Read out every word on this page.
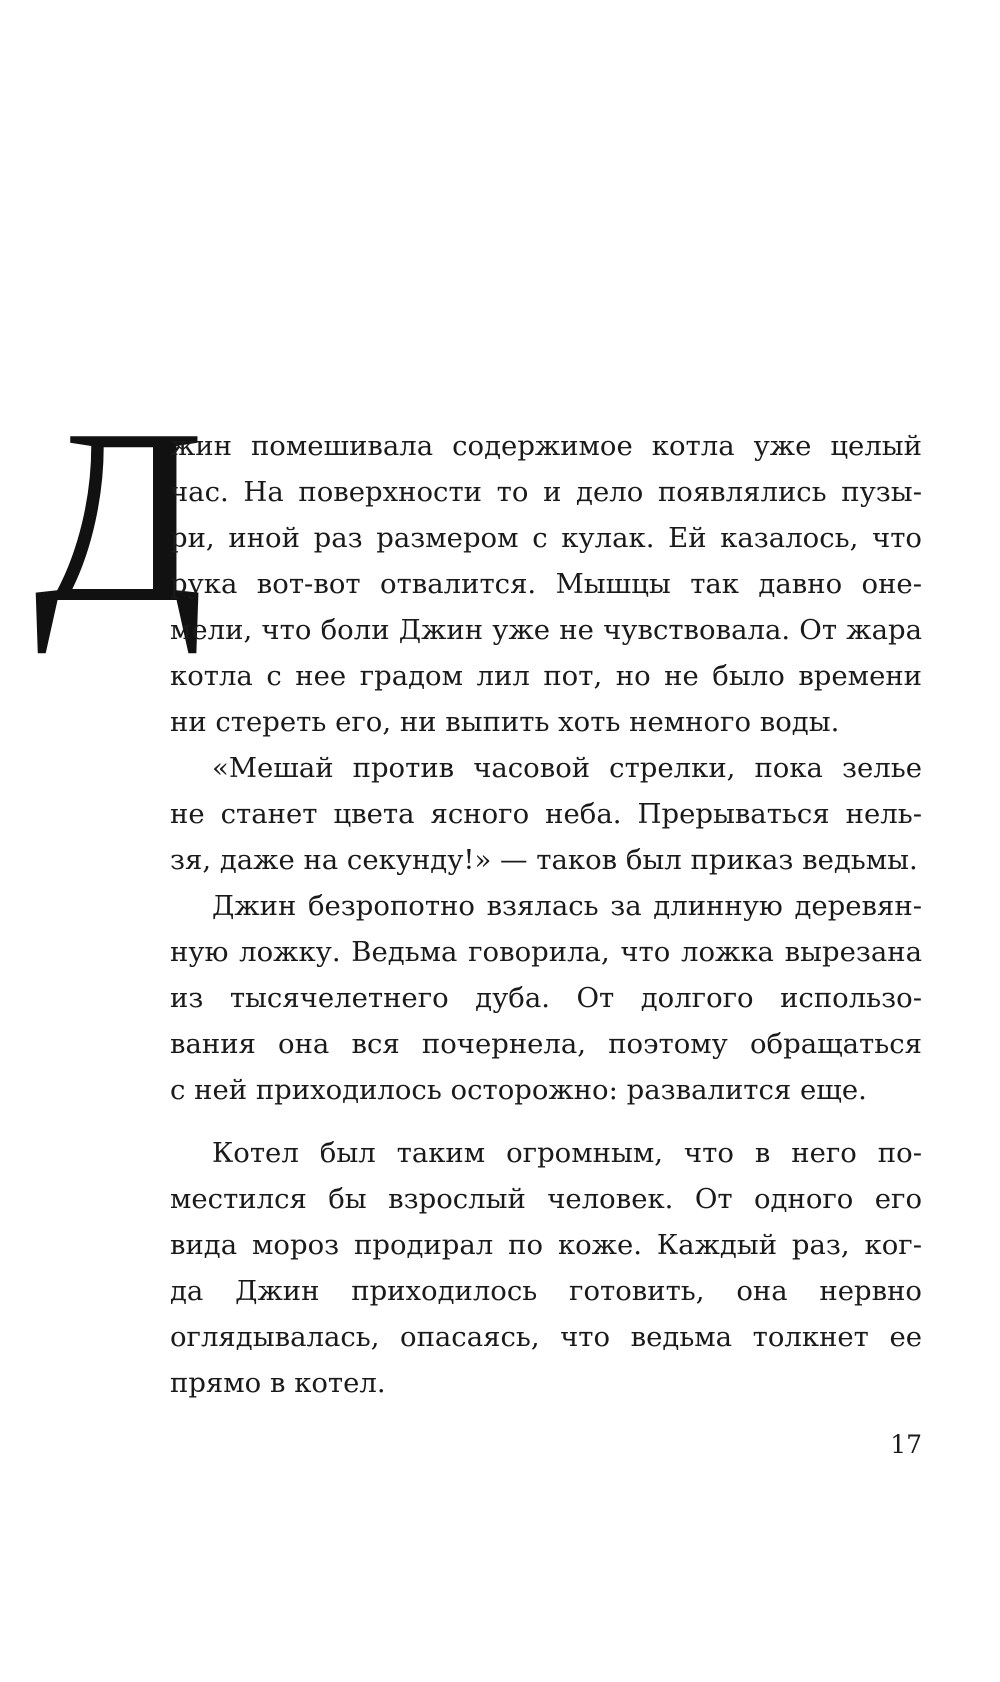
Д

жин помешивала содержимое котла уже целый

час. На поверхности то и дело появлялись пузы-

ри, иной раз размером с кулак. Ей казалось, что

рука вот-вот отвалится. Мышцы так давно оне-

мели, что боли Джин уже не чувствовала. От жара

котла с нее градом лил пот, но не было времени

ни стереть его, ни выпить хоть немного воды.

«Мешай против часовой стрелки, пока зелье

не станет цвета ясного неба. Прерываться нель-

зя, даже на секунду!» — таков был приказ ведьмы.

Джин безропотно взялась за длинную деревян-

ную ложку. Ведьма говорила, что ложка вырезана

из тысячелетнего дуба. От долгого использо-

вания она вся почернела, поэтому обращаться

с ней приходилось осторожно: развалится еще.

Котел был таким огромным, что в него по-

местился бы взрослый человек. От одного его

вида мороз продирал по коже. Каждый раз, ког-

да Джин приходилось готовить, она нервно

оглядывалась, опасаясь, что ведьма толкнет ее

прямо в котел.

17
